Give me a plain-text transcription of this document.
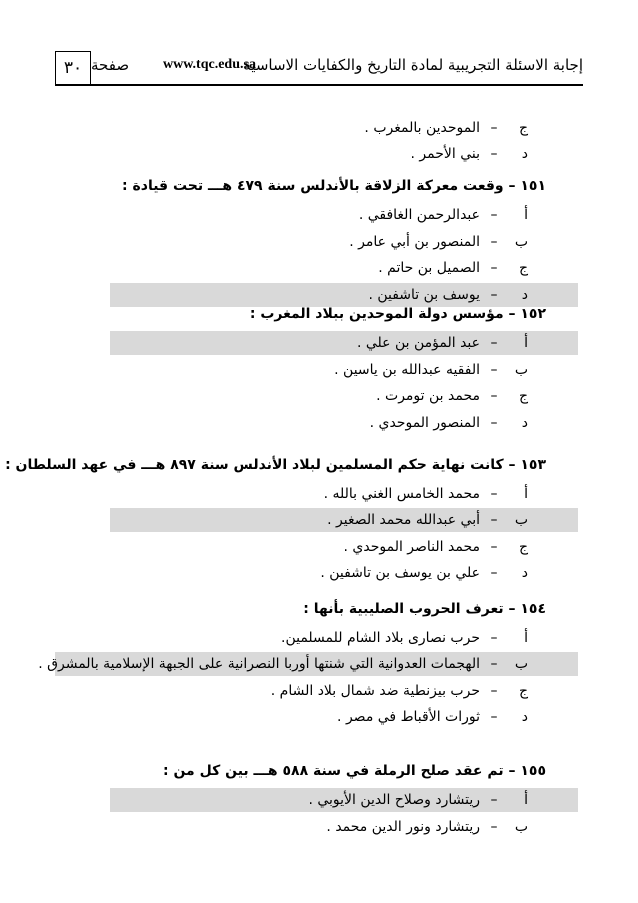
إجابة الاسئلة التجريبية لمادة التاريخ والكفايات الاساسية
www.tqc.edu.sa
صفحة
٣٠
ج–الموحدين بالمغرب .
د–بني الأحمر .
١٥١ – وقعت معركة الزلاقة بالأندلس سنة ٤٧٩ هـــ تحت قيادة :
أ–عبدالرحمن الغافقي .
ب–المنصور بن أبي عامر .
ج–الصميل بن حاتم .
د–يوسف بن تاشفين .
١٥٢ – مؤسس دولة الموحدين ببلاد المغرب :
أ–عبد المؤمن بن علي .
ب–الفقيه عبدالله بن ياسين .
ج–محمد بن تومرت .
د–المنصور الموحدي .
١٥٣ – كانت نهاية حكم المسلمين لبلاد الأندلس سنة ٨٩٧ هـــ في عهد السلطان :
أ–محمد الخامس الغني بالله .
ب–أبي عبدالله محمد الصغير .
ج–محمد الناصر الموحدي .
د–علي بن يوسف بن تاشفين .
١٥٤ – تعرف الحروب الصليبية بأنها :
أ–حرب نصارى بلاد الشام للمسلمين.
ب–الهجمات العدوانية التي شنتها أوربا النصرانية على الجبهة الإسلامية بالمشرق .
ج–حرب بيزنطية ضد شمال بلاد الشام .
د–ثورات الأقباط في مصر .
١٥٥ – تم عقد صلح الرملة في سنة ٥٨٨ هـــ بين كل من :
أ–ريتشارد وصلاح الدين الأيوبي .
ب–ريتشارد ونور الدين محمد .
